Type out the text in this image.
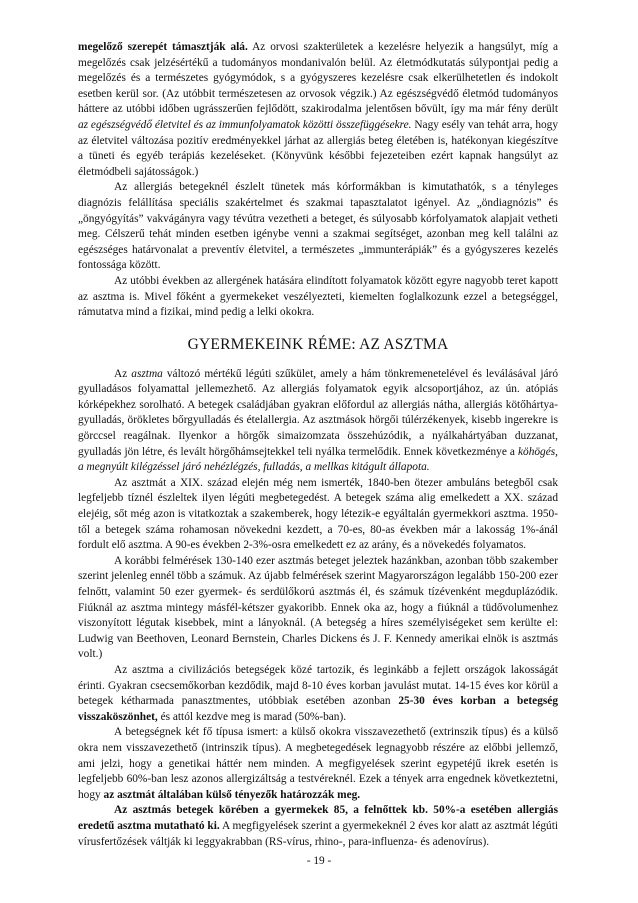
megelőző szerepét támasztják alá. Az orvosi szakterületek a kezelésre helyezik a hangsúlyt, míg a megelőzés csak jelzésértékű a tudományos mondanivalón belül. Az életmódkutatás súlypontjai pedig a megelőzés és a természetes gyógymódok, s a gyógyszeres kezelésre csak elkerülhetetlen és indokolt esetben kerül sor. (Az utóbbit természetesen az orvosok végzik.) Az egészségvédő életmód tudományos háttere az utóbbi időben ugrásszerűen fejlődött, szakirodalma jelentősen bővült, így ma már fény derült az egészségvédő életvitel és az immunfolyamatok közötti összefüggésekre. Nagy esély van tehát arra, hogy az életvitel változása pozitív eredményekkel járhat az allergiás beteg életében is, hatékonyan kiegészítve a tüneti és egyéb terápiás kezeléseket. (Könyvünk későbbi fejezeteiben ezért kapnak hangsúlyt az életmódbeli sajátosságok.)

Az allergiás betegeknél észlelt tünetek más kórformákban is kimutathatók, s a tényleges diagnózis felállítása speciális szakértelmet és szakmai tapasztalatot igényel. Az „öndiagnózis” és „öngyógyítás” vakvágányra vagy tévútra vezetheti a beteget, és súlyosabb kórfolyamatok alapjait vetheti meg. Célszerű tehát minden esetben igénybe venni a szakmai segítséget, azonban meg kell találni az egészséges határvonalat a preventív életvitel, a természetes „immunterápiák” és a gyógyszeres kezelés fontossága között.

Az utóbbi években az allergének hatására elindított folyamatok között egyre nagyobb teret kapott az asztma is. Mivel főként a gyermekeket veszélyezteti, kiemelten foglalkozunk ezzel a betegséggel, rámutatva mind a fizikai, mind pedig a lelki okokra.

GYERMEKEINK RÉME: AZ ASZTMA

Az asztma változó mértékű légúti szűkület, amely a hám tönkremenetelével és leválásával járó gyulladásos folyamattal jellemezhető. Az allergiás folyamatok egyik alcsoportjához, az ún. atópiás kórképekhez sorolható. A betegek családjában gyakran előfordul az allergiás nátha, allergiás kötőhártya-gyulladás, örökletes bőrgyulladás és ételallergia. Az asztmások hörgői túlérzékenyek, kisebb ingerekre is görccsel reagálnak. Ilyenkor a hörgők simaizomzata összehúzódik, a nyálkahártyában duzzanat, gyulladás jön létre, és levált hörgőhámsejtekkel teli nyálka termelődik. Ennek következménye a köhögés, a megnyúlt kilégzéssel járó nehézlégzés, fulladás, a mellkas kitágult állapota.

Az asztmát a XIX. század elején még nem ismerték, 1840-ben ötezer ambuláns betegből csak legfeljebb tíznél észleltek ilyen légúti megbetegedést. A betegek száma alig emelkedett a XX. század elejéig, sőt még azon is vitatkoztak a szakemberek, hogy létezik-e egyáltalán gyermekkori asztma. 1950-től a betegek száma rohamosan növekedni kezdett, a 70-es, 80-as években már a lakosság 1%-ánál fordult elő asztma. A 90-es években 2-3%-osra emelkedett ez az arány, és a növekedés folyamatos.

A korábbi felmérések 130-140 ezer asztmás beteget jeleztek hazánkban, azonban több szakember szerint jelenleg ennél több a számuk. Az újabb felmérések szerint Magyarországon legalább 150-200 ezer felnőtt, valamint 50 ezer gyermek- és serdülőkorú asztmás él, és számuk tízévenként megduplázódik. Fiúknál az asztma mintegy másfél-kétszer gyakoribb. Ennek oka az, hogy a fiúknál a tüdővolumenhez viszonyított légutak kisebbek, mint a lányoknál. (A betegség a híres személyiségeket sem kerülte el: Ludwig van Beethoven, Leonard Bernstein, Charles Dickens és J. F. Kennedy amerikai elnök is asztmás volt.)

Az asztma a civilizációs betegségek közé tartozik, és leginkább a fejlett országok lakosságát érinti. Gyakran csecsemőkorban kezdődik, majd 8-10 éves korban javulást mutat. 14-15 éves kor körül a betegek kétharmada panasztmentes, utóbbiak esetében azonban 25-30 éves korban a betegség visszaköszönhet, és attól kezdve meg is marad (50%-ban).

A betegségnek két fő típusa ismert: a külső okokra visszavezethető (extrinszik típus) és a külső okra nem visszavezethető (intrinszik típus). A megbetegedések legnagyobb részére az előbbi jellemző, ami jelzi, hogy a genetikai háttér nem minden. A megfigyelések szerint egypetéjű ikrek esetén is legfeljebb 60%-ban lesz azonos allergizáltság a testvéreknél. Ezek a tények arra engednek következtetni, hogy az asztmát általában külső tényezők határozzák meg.

Az asztmás betegek körében a gyermekek 85, a felnőttek kb. 50%-a esetében allergiás eredetű asztma mutatható ki. A megfigyelések szerint a gyermekeknél 2 éves kor alatt az asztmát légúti vírusfertőzések váltják ki leggyakrabban (RS-vírus, rhino-, para-influenza- és adenovírus).

- 19 -
